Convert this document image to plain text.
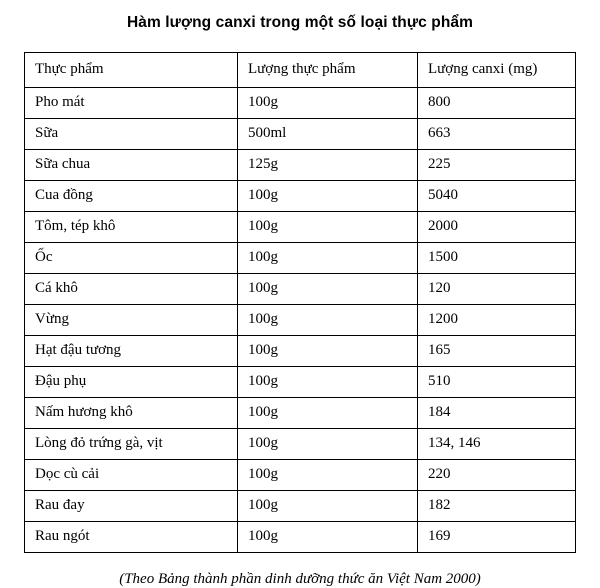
Hàm lượng canxi trong một số loại thực phẩm
Thực phẩm	Lượng thực phẩm	Lượng canxi (mg)
Pho mát	100g	800
Sữa	500ml	663
Sữa chua	125g	225
Cua đồng	100g	5040
Tôm, tép khô	100g	2000
Ốc	100g	1500
Cá khô	100g	120
Vừng	100g	1200
Hạt đậu tương	100g	165
Đậu phụ	100g	510
Nấm hương khô	100g	184
Lòng đỏ trứng gà, vịt	100g	134, 146
Dọc cù cải	100g	220
Rau đay	100g	182
Rau ngót	100g	169
(Theo Bảng thành phần dinh dưỡng thức ăn Việt Nam 2000)
